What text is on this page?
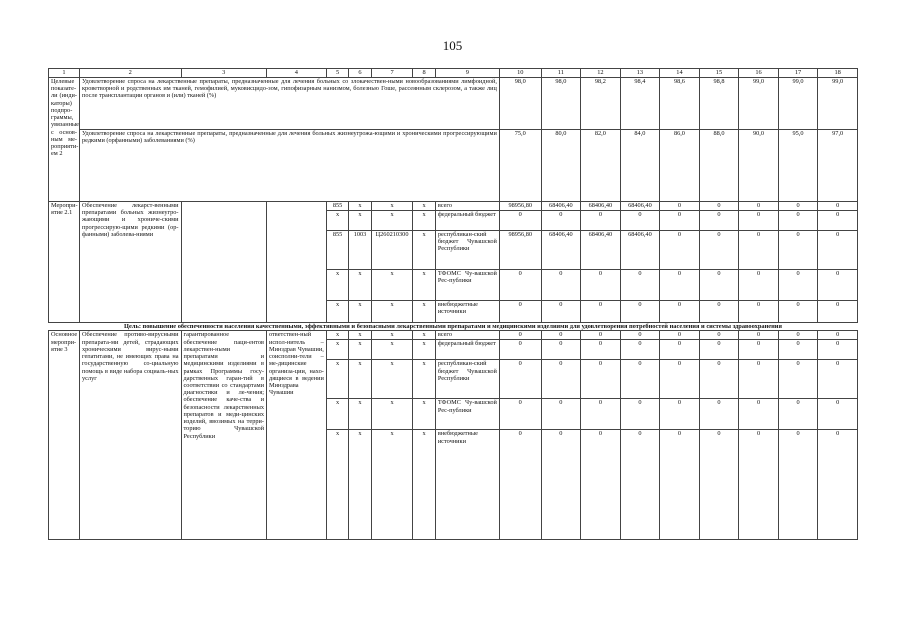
105
1	2	3	4	5	6	7	8	9	10	11	12	13	14	15	16	17	18
Целевые показате-ли (инди-каторы) подпро-граммы, увязанные с основ-ным ме-роприяти-ем 2	Удовлетворение спроса на лекарственные препараты, предназначенные для лечения больных со злокачествен-ными новообразованиями лимфоидной, кроветворной и родственных им тканей, гемофилией, муковисцидо-зом, гипофизарным нанизмом, болезнью Гоше, рассеянным склерозом, а также лиц после трансплантации органов и (или) тканей (%)								98,0	98,0	98,2	98,4	98,6	98,8	99,0	99,0	99,0
	Удовлетворение спроса на лекарственные препараты, предназначенные для лечения больных жизнеугрожа-ющими и хроническими прогрессирующими редкими (орфанными) заболеваниями (%)								75,0	80,0	82,0	84,0	86,0	88,0	90,0	95,0	97,0
Меропри-ятие 2.1	Обеспечение лекарст-венными препаратами больных жизнеугро-жающими и хрониче-скими прогрессирую-щими редкими (ор-фанными) заболева-ниями			855	х	х	х	всего	98956,80	68406,40	68406,40	68406,40	0	0	0	0	0
				х	х	х	х	федеральный бюджет	0	0	0	0	0	0	0	0	0
				855	1003	Ц260210300	х	республикан-ский бюджет Чувашской Республики	98956,80	68406,40	68406,40	68406,40	0	0	0	0	0
				х	х	х	х	ТФОМС Чу-вашской Рес-публики	0	0	0	0	0	0	0	0	0
				х	х	х	х	внебюджетные источники	0	0	0	0	0	0	0	0	0
Цель: повышение обеспеченности населения качественными, эффективными и безопасными лекарственными препаратами и медицинскими изделиями для удовлетворения потребностей населения и системы здравоохранения																	
Основное меропри-ятие 3	Обеспечение противо-вирусными препарата-ми детей, страдающих хроническими вирус-ными гепатитами, не имеющих права на государственную со-циальную помощь в виде набора социаль-ных услуг	гарантированное обеспечение паци-ентов лекарствен-ными препаратами и медицинскими изделиями в рамках Программы госу-дарственных гаран-тий в соответствии со стандартами диагностики и ле-чения; обеспечение каче-ства и безопасности лекарственных препаратов и меди-цинских изделий, ввозимых на терри-торию Чувашской Республики	ответствен-ный испол-нитель – Минздрав Чувашии, соисполни-тели – ме-дицинские организа-ции, нахо-дящиеся в ведении Минздрава Чувашии	х	х	х	х	всего	0	0	0	0	0	0	0	0	0
				х	х	х	х	федеральный бюджет	0	0	0	0	0	0	0	0	0
				х	х	х	х	республикан-ский бюджет Чувашской Республики	0	0	0	0	0	0	0	0	0
				х	х	х	х	ТФОМС Чу-вашской Рес-публики	0	0	0	0	0	0	0	0	0
				х	х	х	х	внебюджетные источники	0	0	0	0	0	0	0	0	0
